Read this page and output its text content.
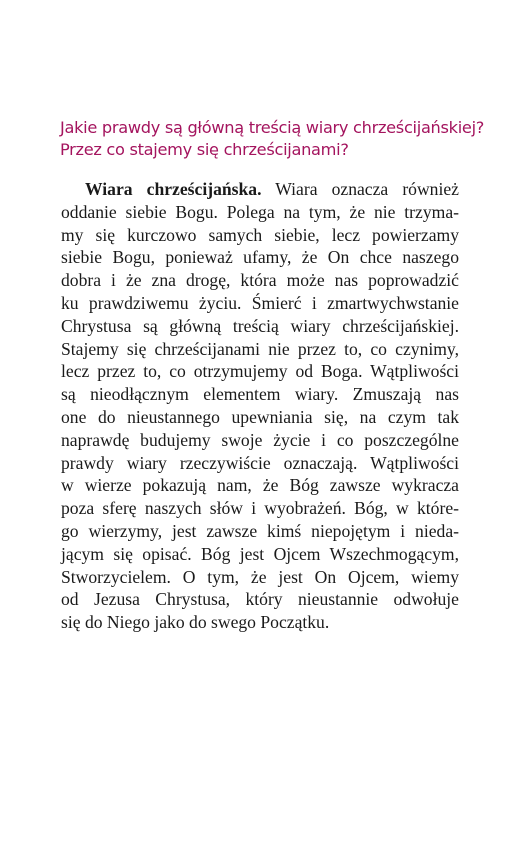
Jakie prawdy są główną treścią wiary chrześcijańskiej?
Przez co stajemy się chrześcijanami?
Wiara chrześcijańska. Wiara oznacza również
oddanie siebie Bogu. Polega na tym, że nie trzyma-
my się kurczowo samych siebie, lecz powierzamy
siebie Bogu, ponieważ ufamy, że On chce naszego
dobra i że zna drogę, która może nas poprowadzić
ku prawdziwemu życiu. Śmierć i zmartwychwstanie
Chrystusa są główną treścią wiary chrześcijańskiej.
Stajemy się chrześcijanami nie przez to, co czynimy,
lecz przez to, co otrzymujemy od Boga. Wątpliwości
są nieodłącznym elementem wiary. Zmuszają nas
one do nieustannego upewniania się, na czym tak
naprawdę budujemy swoje życie i co poszczególne
prawdy wiary rzeczywiście oznaczają. Wątpliwości
w wierze pokazują nam, że Bóg zawsze wykracza
poza sferę naszych słów i wyobrażeń. Bóg, w które-
go wierzymy, jest zawsze kimś niepojętym i nieda-
jącym się opisać. Bóg jest Ojcem Wszechmogącym,
Stworzycielem. O tym, że jest On Ojcem, wiemy
od Jezusa Chrystusa, który nieustannie odwołuje
się do Niego jako do swego Początku.
